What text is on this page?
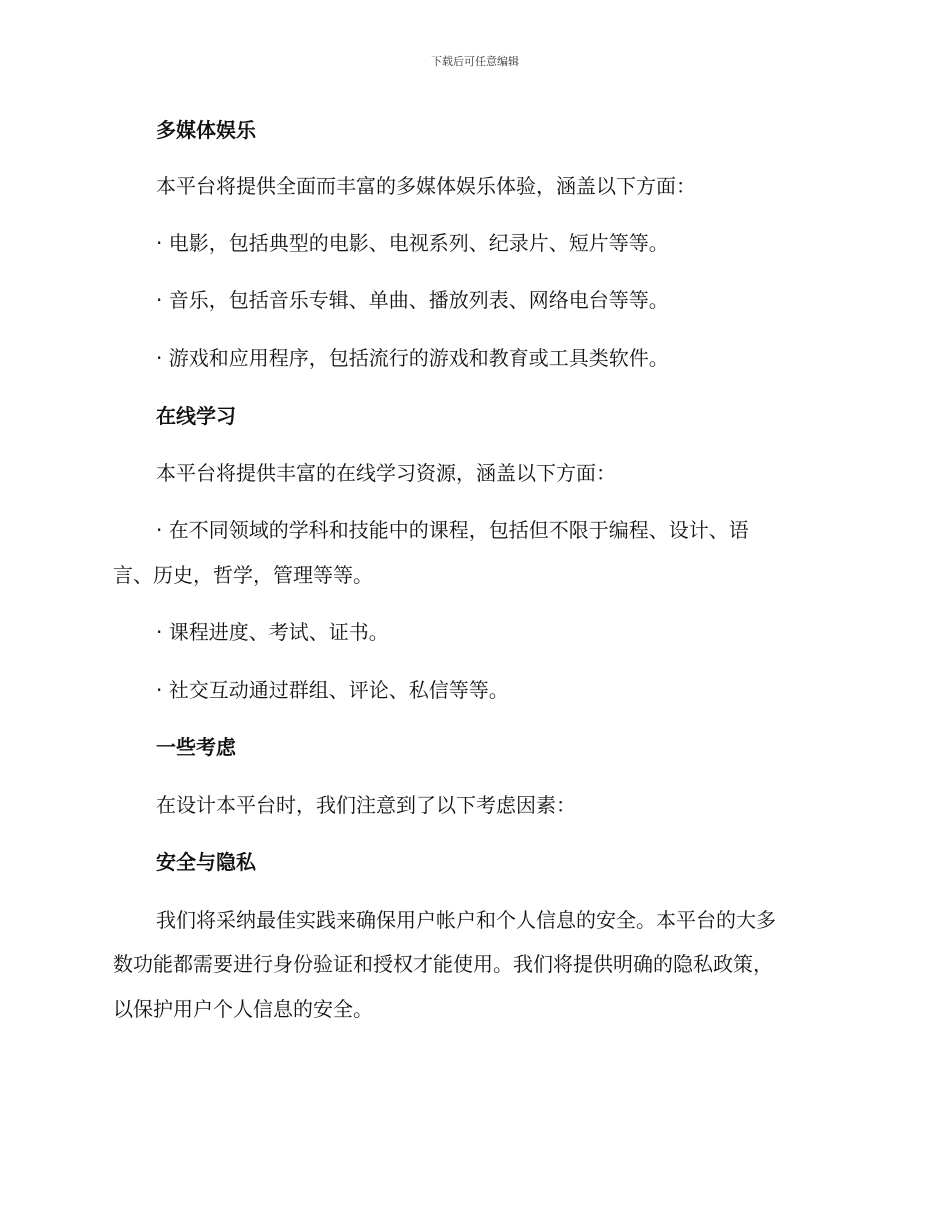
下载后可任意编辑
多媒体娱乐

本平台将提供全面而丰富的多媒体娱乐体验，涵盖以下方面：

· 电影，包括典型的电影、电视系列、纪录片、短片等等。

· 音乐，包括音乐专辑、单曲、播放列表、网络电台等等。

· 游戏和应用程序，包括流行的游戏和教育或工具类软件。

在线学习

本平台将提供丰富的在线学习资源，涵盖以下方面：

· 在不同领域的学科和技能中的课程，包括但不限于编程、设计、语

言、历史，哲学，管理等等。

· 课程进度、考试、证书。

· 社交互动通过群组、评论、私信等等。

一些考虑

在设计本平台时，我们注意到了以下考虑因素：

安全与隐私

我们将采纳最佳实践来确保用户帐户和个人信息的安全。本平台的大多

数功能都需要进行身份验证和授权才能使用。我们将提供明确的隐私政策，

以保护用户个人信息的安全。
